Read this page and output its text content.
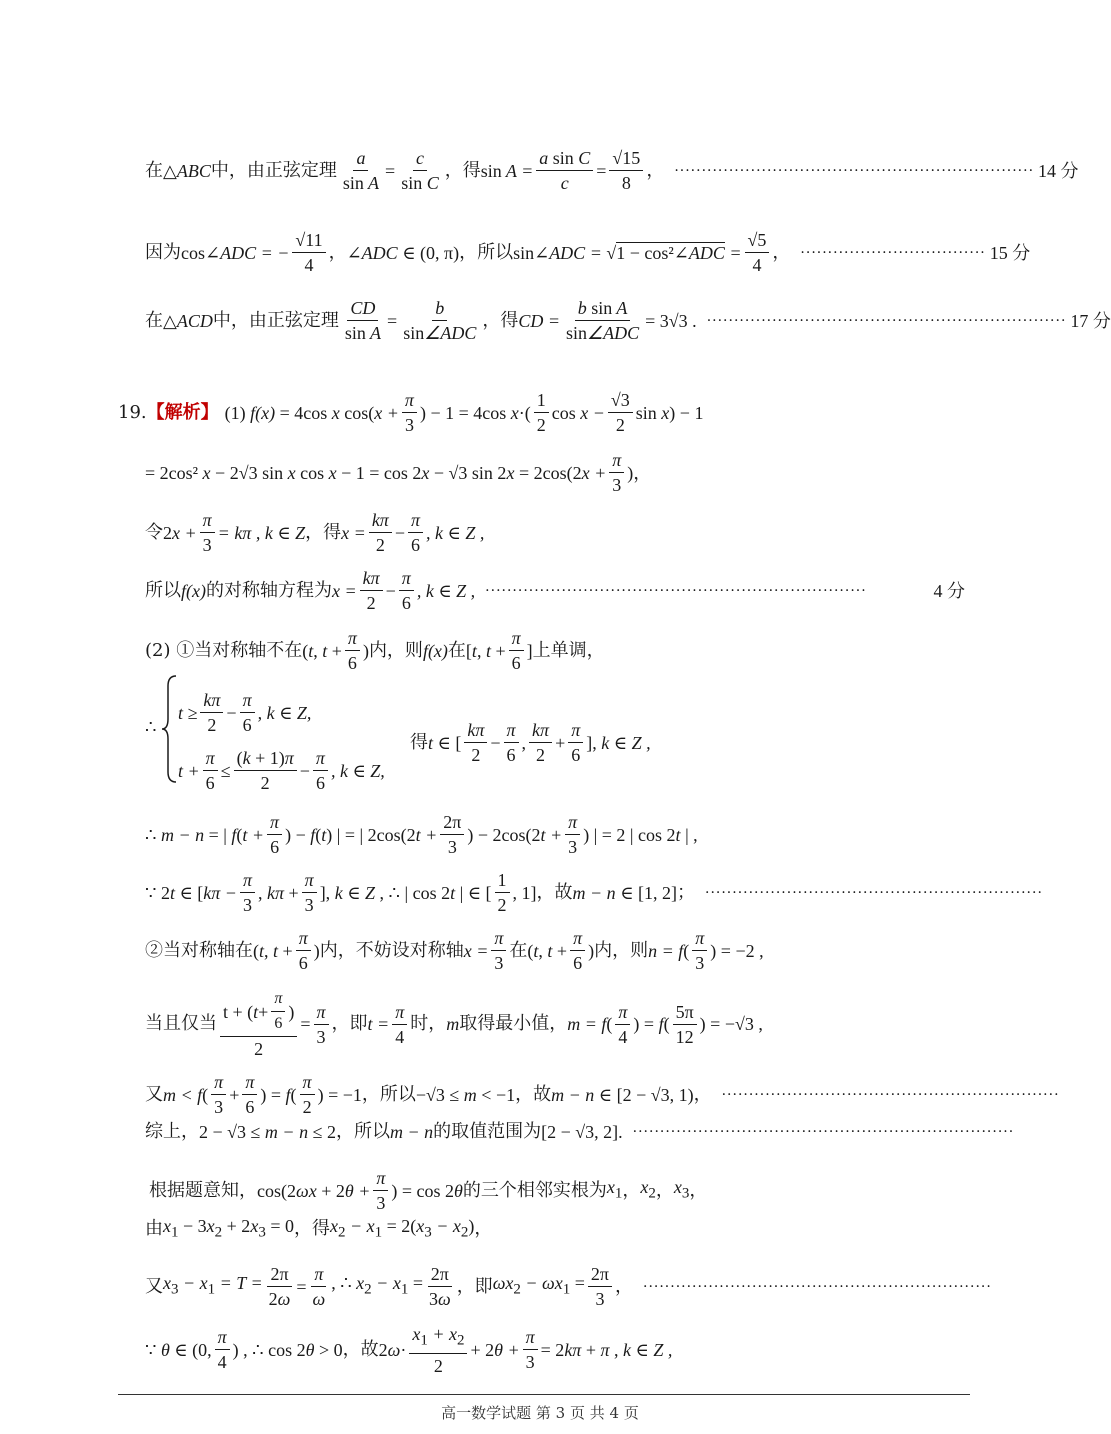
在 △ ABC 中，由正弦定理 $\frac{a}{\text{sin A}} = \frac{c}{\text{sin C}}$ ，得 $\sin A = \frac{\text{a sin C}}{c} = \frac{√15}{8}$ ， ·································································· 14 分
因为 cos∠ADC = − $\frac{√11}{4}$ ， ∠ADC ∈ (0, π) ，所以 sin∠ADC = √1 − cos²∠ADC = $\frac{√5}{4}$ ， ·································· 15 分
在 △ ACD 中，由正弦定理 $\frac{CD}{\text{sin A}} = \frac{b}{\text{sin∠ADC}}$ ，得 CD = $\frac{\text{b sin A}}{\text{sin∠ADC}} = 3√3$ . ·································································· 17 分
19. 【解析】 (1) f(x) = 4cos x $\cos(x + \frac{\pi}{3}$ ) − 1 = 4cos $x\cdot( \frac{1}{2}$ $\cos x - \frac{√3}{2}$ sin x) − 1
= 2cos² x − 2√3 sin x cos x − 1 = cos 2x − √3 $\sin 2x = 2\cos(2x + \frac{\pi}{3}$ )，
令 $2x + \frac{\pi}{3} = k\pi$ , k ∈ Z ，得 $x = \frac{k\pi}{2} - \frac{\pi}{6}$ , k ∈ Z ,
所以 f(x) 的对称轴方程为 $x = \frac{k\pi}{2} - \frac{\pi}{6}$ , k ∈ Z , ······································································	4 分
(2) ①当对称轴不在 (t, $t + \frac{\pi}{6}$ ) 内，则 f(x) 在 [t, $t + \frac{\pi}{6}$ ] 上单调，
∴
$t \ge \frac{k\pi}{2} - \frac{\pi}{6}$ , k ∈ Z,
$t + \frac{\pi}{6} \le \frac{(k + 1)\pi}{2} - \frac{\pi}{6}$ , k ∈ Z,
得 t ∈ [ $\frac{k\pi}{2} - \frac{\pi}{6}$ , $\frac{k\pi}{2} + \frac{\pi}{6}$ ], k ∈ Z ,
∴ m − n = | $f(t + \frac{\pi}{6}$ ) − f(t) | = | $2\cos(2t + \frac{2\pi}{3}$ ) − $2\cos(2t + \frac{\pi}{3}$ ) | = 2 | cos 2t | ,
∵ 2t ∈ [$k\pi - \frac{\pi}{3}$ , $k\pi + \frac{\pi}{3}$ ], k ∈ Z , ∴ | cos 2t | ∈ [ $\frac{1}{2}$ , 1] ，故 m − n ∈ [1, 2] ； ······························································
②当对称轴在 (t, $t + \frac{\pi}{6}$ ) 内，不妨设对称轴 $x = \frac{\pi}{3}$ 在 (t, $t + \frac{\pi}{6}$ ) 内，则 $n = f( \frac{\pi}{3}$ ) = −2 ,
当且仅当 $\frac{t + ( t + \frac{\pi}{6} )}{2} = \frac{\pi}{3}$ ，即 $t = \frac{\pi}{4}$ 时， m 取得最小值， $m = f( \frac{\pi}{4}$ ) = $f( \frac{5\pi}{12}$ ) = −√3 ,
又 $m < f( \frac{\pi}{3} + \frac{\pi}{6}$ ) = $f( \frac{\pi}{2}$ ) = −1 ，所以 −√3 ≤ m < −1 ，故 m − n ∈ [2 − √3, 1) ， ······························································
综上， 2 − √3 ≤ m − n ≤ 2 ，所以 m − n 的取值范围为 [2 − √3, 2]. ······································································
根据题意知， $\cos(2\omega x + 2\theta + \frac{\pi}{3}$ ) = cos 2θ 的三个相邻实根为 $x_1$ ， $x_2$ ， $x_3$ ，
由 $x_1 - 3x_2 + 2x_3 = 0$ ，得 $x_2 - x_1 = 2(x_3 - x_2)$ ，
又 $x_3 - x_1 = T = \frac{2\pi}{2\omega} = \frac{\pi}{\omega}$ , ∴ $x_2 - x_1 = \frac{2\pi}{3\omega}$ ，即 $\omega x_2 - \omega x_1 = \frac{2\pi}{3}$ ， ································································
∵ θ ∈ (0, $\frac{\pi}{4}$ ) , ∴ cos 2θ > 0 ，故 $2\omega\cdot \frac{x_1 + x_2}{2} + 2\theta + \frac{\pi}{3} = 2k\pi + \pi$ , k ∈ Z ,
高一数学试题 第 3 页 共 4 页
